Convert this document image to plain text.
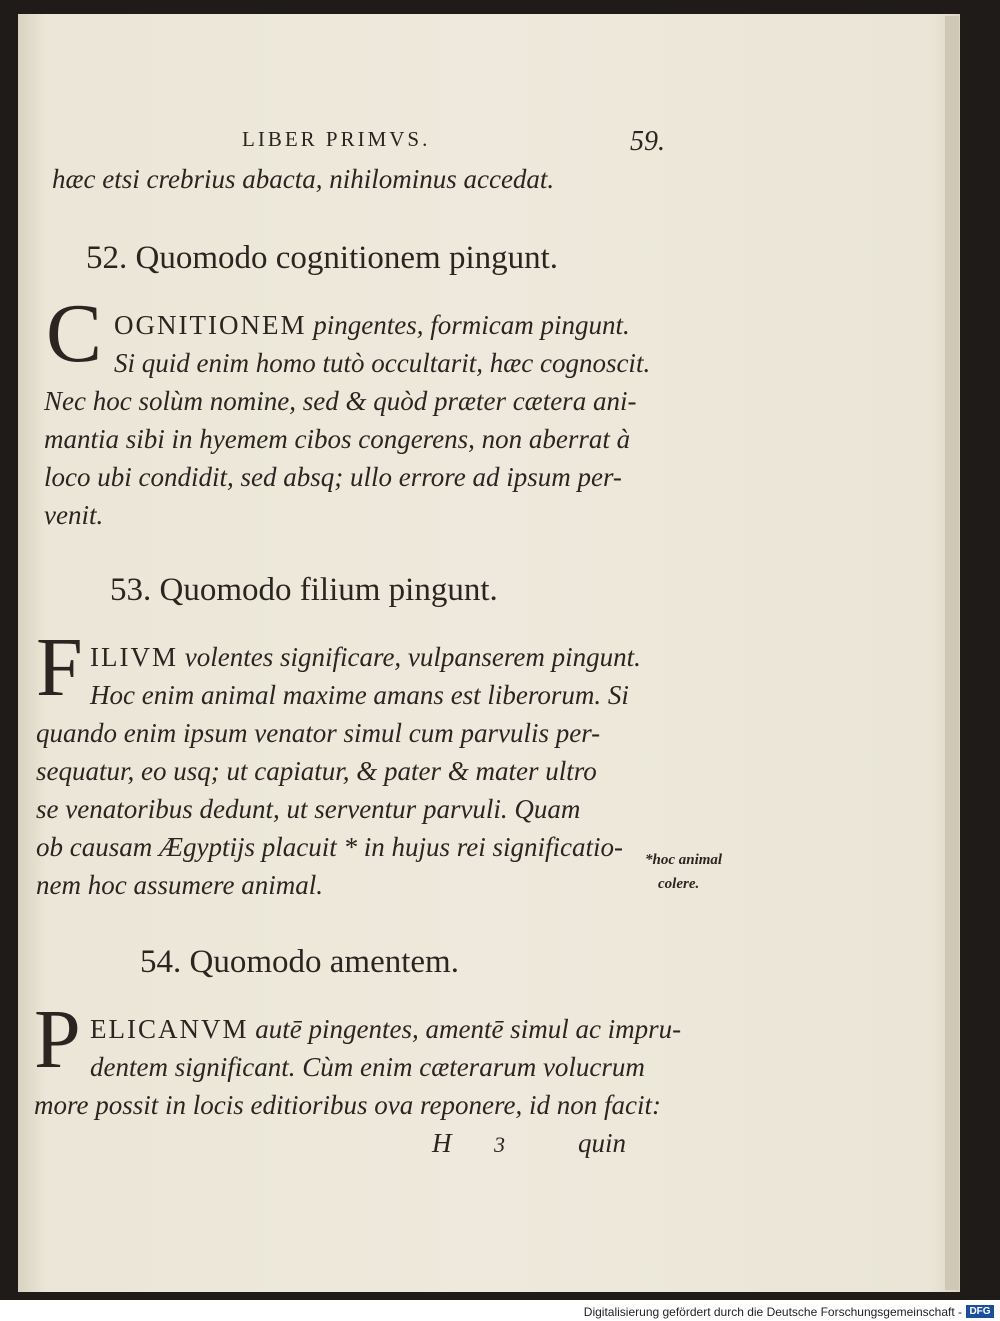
LIBER PRIMVS.	59.
hæc etsi crebrius abacta, nihilominus accedat.
52. Quomodo cognitionem pingunt.
C OGNITIONEM pingentes, formicam pingunt.
Si quid enim homo tutò occultarit, hæc cognoscit.
Nec hoc solùm nomine, sed & quòd præter cætera ani-
mantia sibi in hyemem cibos congerens, non aberrat à
loco ubi condidit, sed absq; ullo errore ad ipsum per-
venit.
53. Quomodo filium pingunt.
F ILIVM volentes significare, vulpanserem pingunt.
Hoc enim animal maxime amans est liberorum. Si
quando enim ipsum venator simul cum parvulis per-
sequatur, eo usq; ut capiatur, & pater & mater ultro
se venatoribus dedunt, ut serventur parvuli. Quam
ob causam Ægyptijs placuit * in hujus rei significatio-
nem hoc assumere animal.
*hoc animal
colere.
54. Quomodo amentem.
P ELICANVM autē pingentes, amentē simul ac impru-
dentem significant. Cùm enim cæterarum volucrum
more possit in locis editioribus ova reponere, id non facit:
H 3	quin
Digitalisierung gefördert durch die Deutsche Forschungsgemeinschaft - DFG
